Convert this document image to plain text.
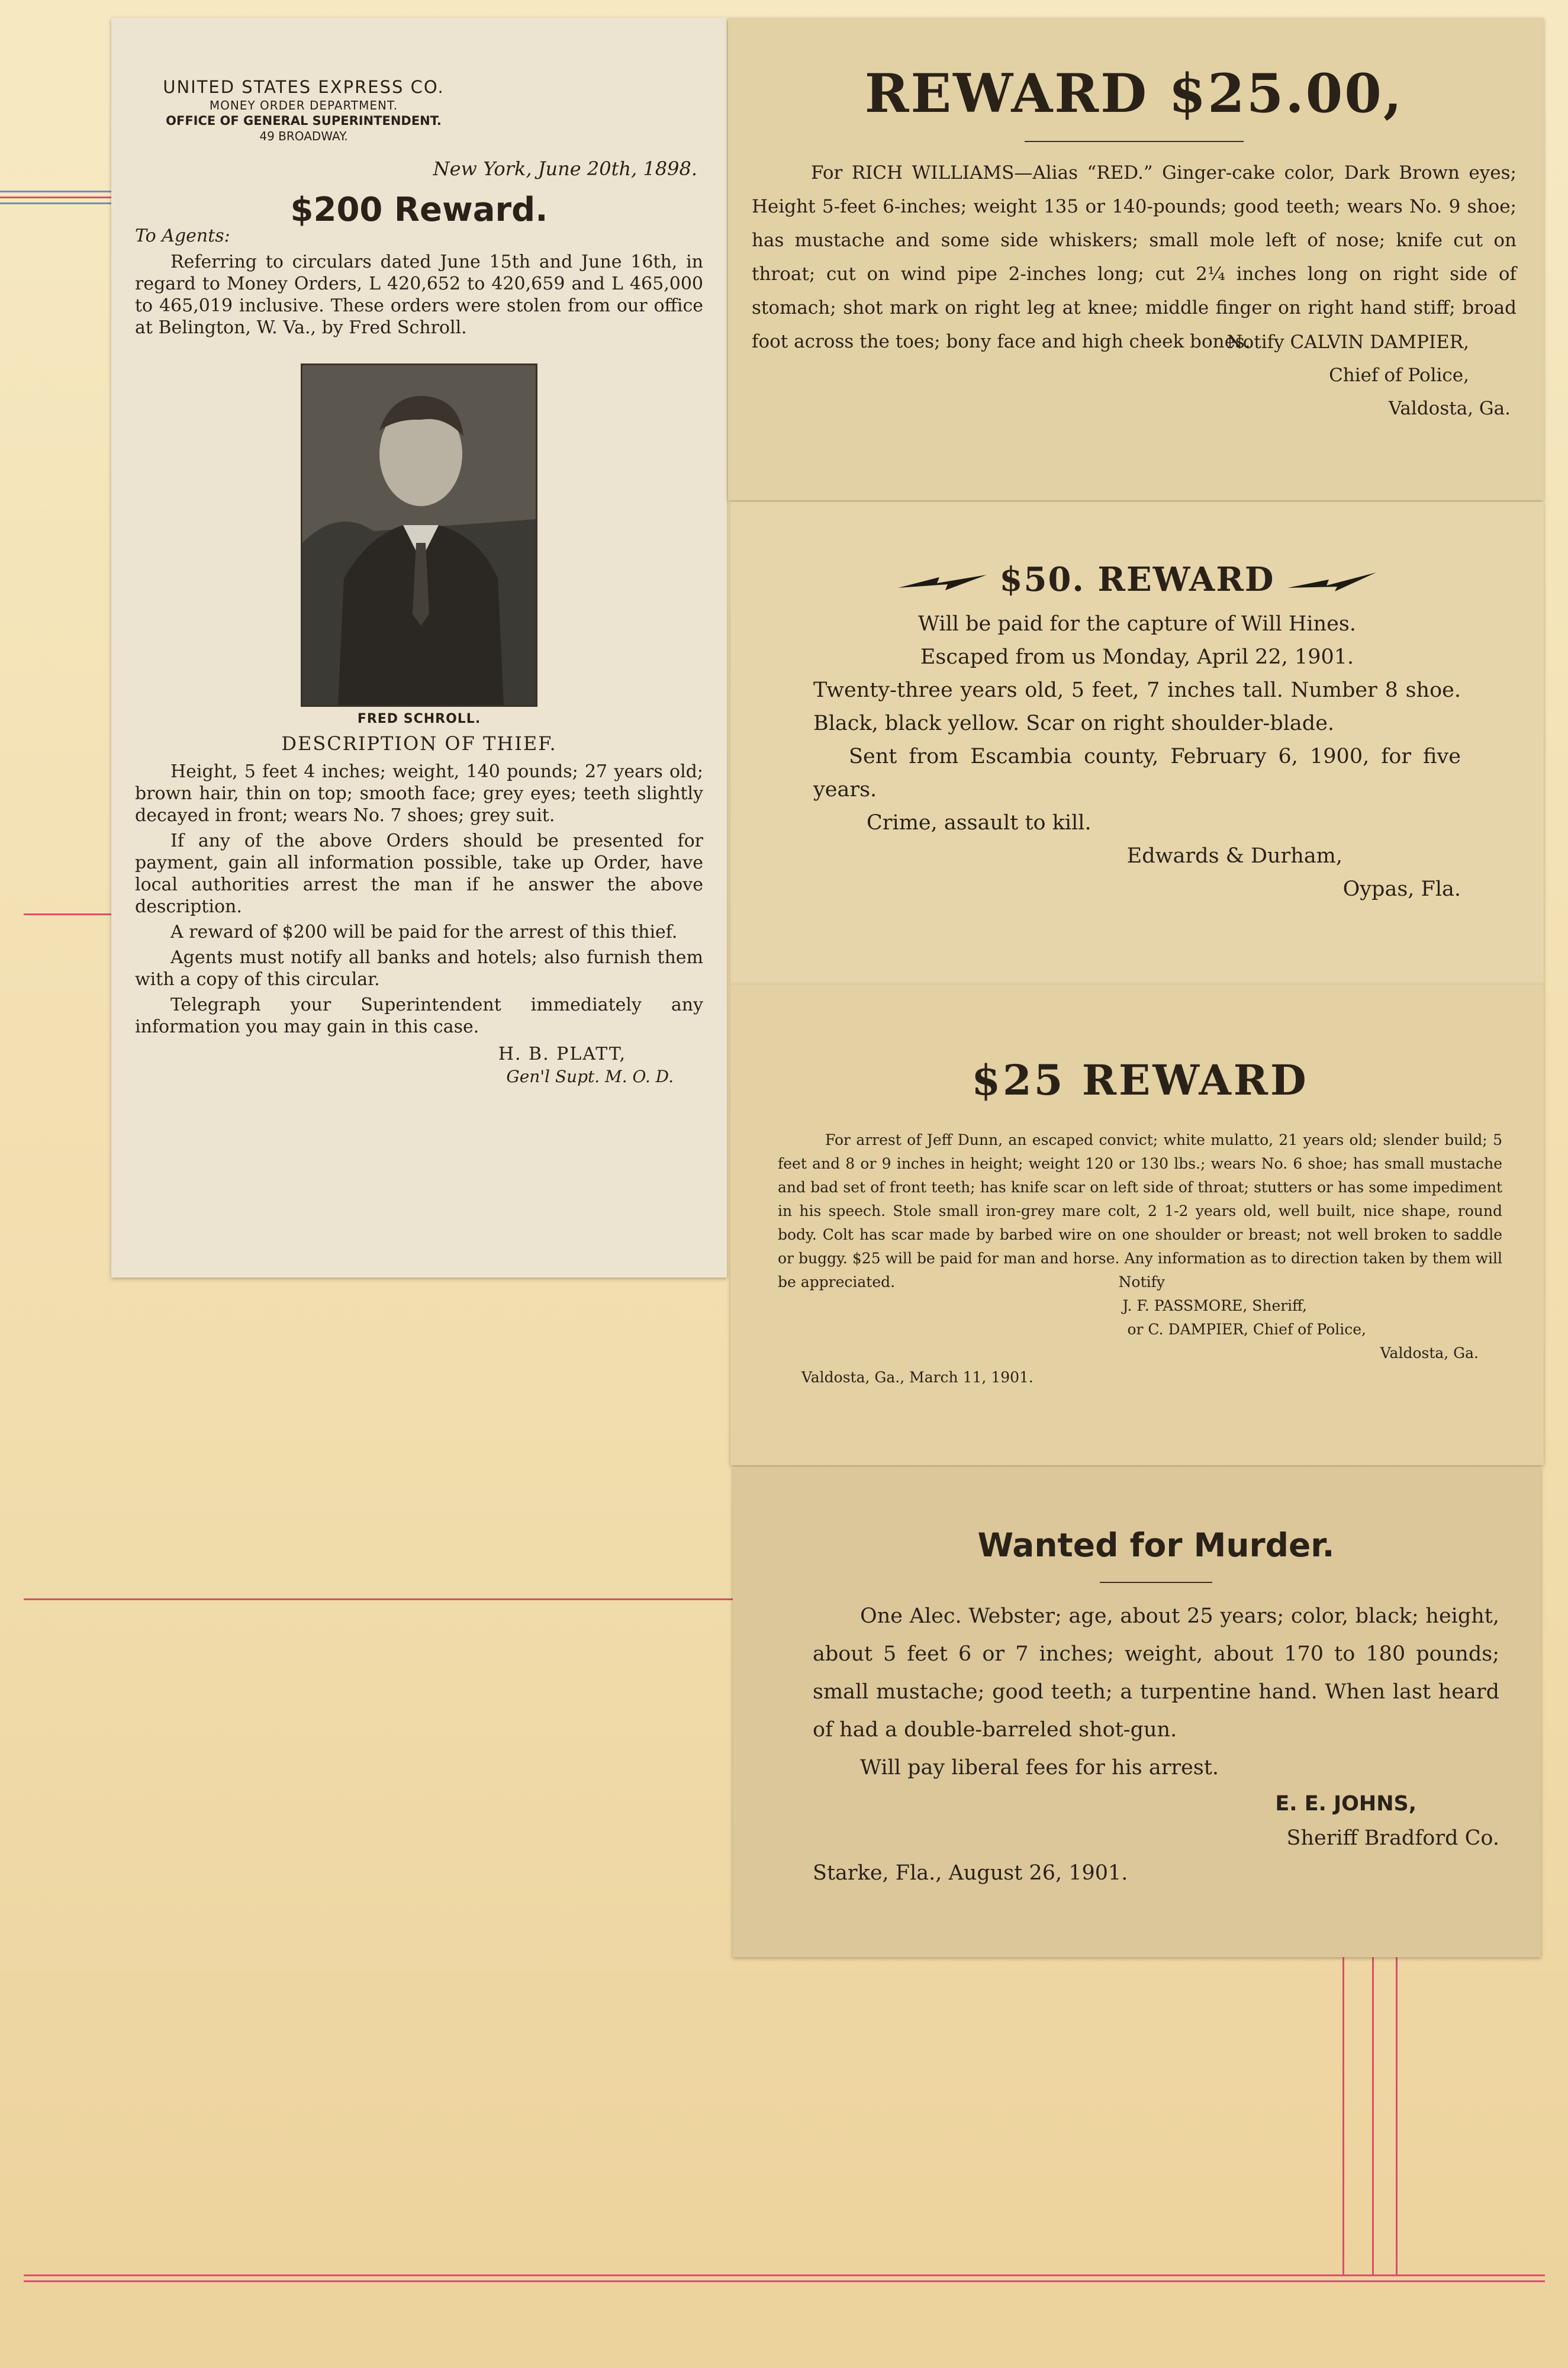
UNITED STATES EXPRESS CO.
MONEY ORDER DEPARTMENT.
OFFICE OF GENERAL SUPERINTENDENT.
49 BROADWAY.
New York, June 20th, 1898.
$200 Reward.
To Agents:
Referring to circulars dated June 15th and June 16th, in regard to Money Orders, L 420,652 to 420,659 and L 465,000 to 465,019 inclusive. These orders were stolen from our office at Belington, W. Va., by Fred Schroll.
FRED SCHROLL.
DESCRIPTION OF THIEF.

Height, 5 feet 4 inches; weight, 140 pounds; 27 years old; brown hair, thin on top; smooth face; grey eyes; teeth slightly decayed in front; wears No. 7 shoes; grey suit.

If any of the above Orders should be presented for payment, gain all information possible, take up Order, have local authorities arrest the man if he answer the above description.

A reward of $200 will be paid for the arrest of this thief.

Agents must notify all banks and hotels; also furnish them with a copy of this circular.

Telegraph your Superintendent immediately any information you may gain in this case.

H. B. PLATT,
Gen'l Supt. M. O. D.
REWARD $25.00,
For RICH WILLIAMS—Alias “RED.” Ginger-cake color, Dark Brown eyes; Height 5-feet 6-inches; weight 135 or 140-pounds; good teeth; wears No. 9 shoe; has mustache and some side whiskers; small mole left of nose; knife cut on throat; cut on wind pipe 2-inches long; cut 2¼ inches long on right side of stomach; shot mark on right leg at knee; middle finger on right hand stiff; broad foot across the toes; bony face and high cheek bones.
Notify CALVIN DAMPIER,
Chief of Police,
Valdosta, Ga.
$50. REWARD

Will be paid for the capture of Will Hines.

Escaped from us Monday, April 22, 1901.

Twenty-three years old, 5 feet, 7 inches tall. Number 8 shoe. Black, black yellow. Scar on right shoulder-blade.

Sent from Escambia county, February 6, 1900, for five years.

Crime, assault to kill.

Edwards & Durham,
Oypas, Fla.
$25 REWARD
For arrest of Jeff Dunn, an escaped convict; white mulatto, 21 years old; slender build; 5 feet and 8 or 9 inches in height; weight 120 or 130 lbs.; wears No. 6 shoe; has small mustache and bad set of front teeth; has knife scar on left side of throat; stutters or has some impediment in his speech. Stole small iron-grey mare colt, 2 1-2 years old, well built, nice shape, round body. Colt has scar made by barbed wire on one shoulder or breast; not well broken to saddle or buggy. $25 will be paid for man and horse. Any information as to direction taken by them will be appreciated.	Notify
J. F. PASSMORE, Sheriff,
or C. DAMPIER, Chief of Police,
Valdosta, Ga.
Valdosta, Ga., March 11, 1901.
Wanted for Murder.

One Alec. Webster; age, about 25 years; color, black; height, about 5 feet 6 or 7 inches; weight, about 170 to 180 pounds; small mustache; good teeth; a turpentine hand. When last heard of had a double-barreled shot-gun.

Will pay liberal fees for his arrest.

E. E. JOHNS,
Sheriff Bradford Co.
Starke, Fla., August 26, 1901.
